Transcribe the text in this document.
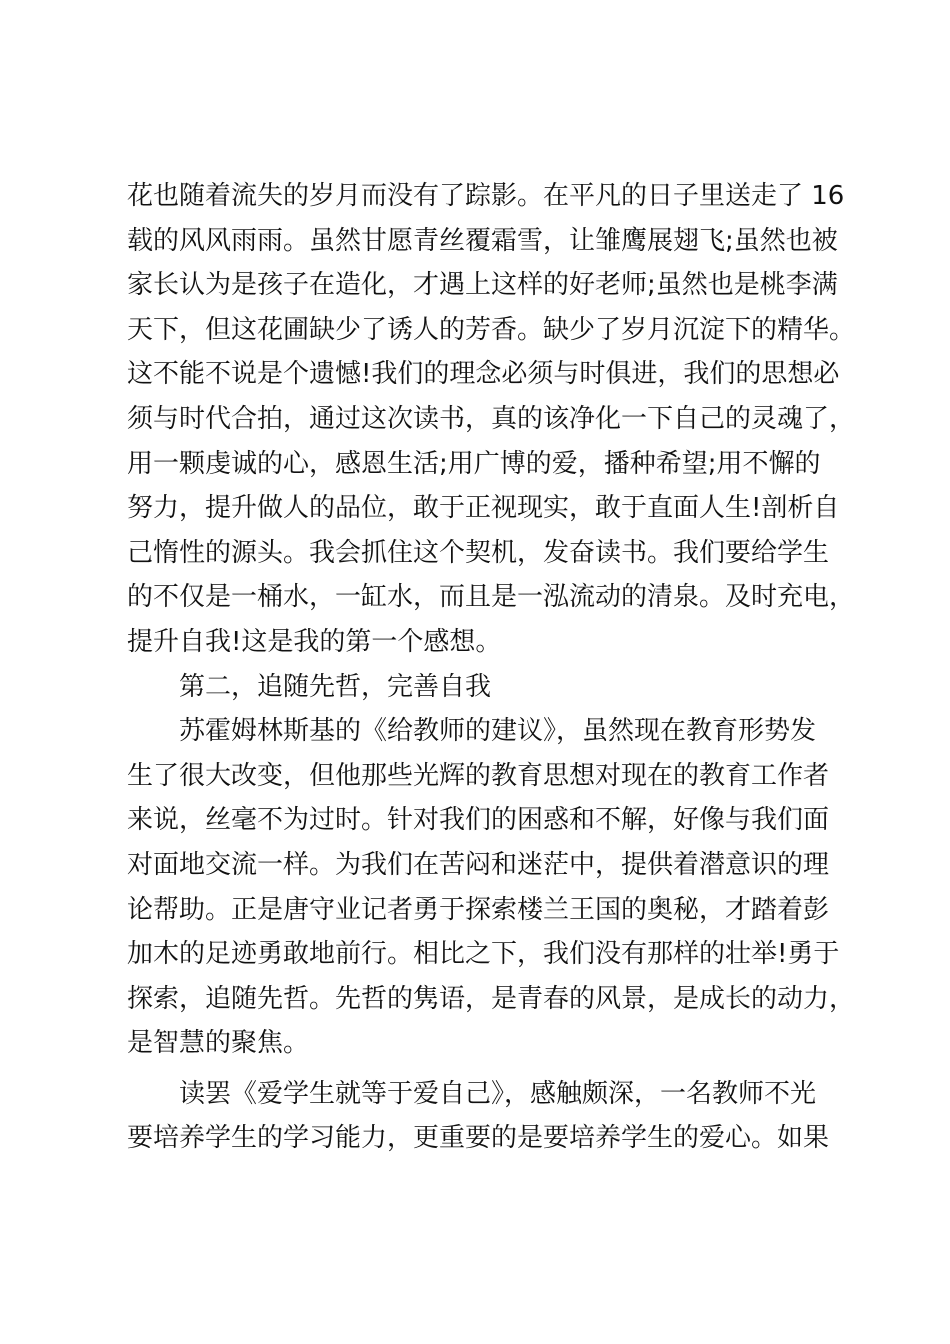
花也随着流失的岁月而没有了踪影。在平凡的日子里送走了 16
载的风风雨雨。虽然甘愿青丝覆霜雪，让雏鹰展翅飞;虽然也被
家长认为是孩子在造化，才遇上这样的好老师;虽然也是桃李满
天下，但这花圃缺少了诱人的芳香。缺少了岁月沉淀下的精华。
这不能不说是个遗憾!我们的理念必须与时俱进，我们的思想必
须与时代合拍，通过这次读书，真的该净化一下自己的灵魂了，
用一颗虔诚的心，感恩生活;用广博的爱，播种希望;用不懈的
努力，提升做人的品位，敢于正视现实，敢于直面人生!剖析自
己惰性的源头。我会抓住这个契机，发奋读书。我们要给学生
的不仅是一桶水，一缸水，而且是一泓流动的清泉。及时充电，
提升自我!这是我的第一个感想。
第二，追随先哲，完善自我
苏霍姆林斯基的《给教师的建议》，虽然现在教育形势发
生了很大改变，但他那些光辉的教育思想对现在的教育工作者
来说，丝毫不为过时。针对我们的困惑和不解，好像与我们面
对面地交流一样。为我们在苦闷和迷茫中，提供着潜意识的理
论帮助。正是唐守业记者勇于探索楼兰王国的奥秘，才踏着彭
加木的足迹勇敢地前行。相比之下，我们没有那样的壮举!勇于
探索，追随先哲。先哲的隽语，是青春的风景，是成长的动力，
是智慧的聚焦。
读罢《爱学生就等于爱自己》，感触颇深，一名教师不光
要培养学生的学习能力，更重要的是要培养学生的爱心。如果
